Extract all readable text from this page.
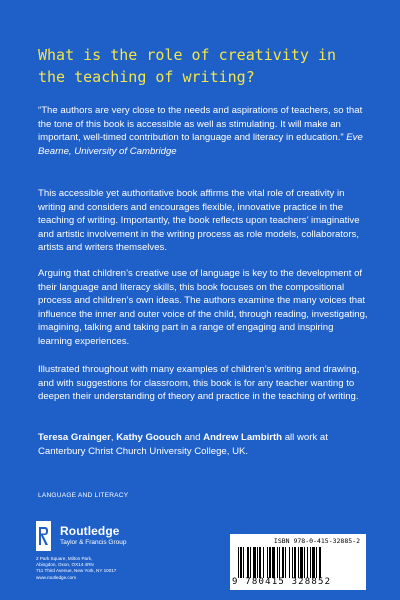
What is the role of creativity in the teaching of writing?

“The authors are very close to the needs and aspirations of teachers, so that the tone of this book is accessible as well as stimulating. It will make an important, well-timed contribution to language and literacy in education.” Eve Bearne, University of Cambridge

This accessible yet authoritative book affirms the vital role of creativity in writing and considers and encourages flexible, innovative practice in the teaching of writing. Importantly, the book reflects upon teachers’ imaginative and artistic involvement in the writing process as role models, collaborators, artists and writers themselves.

Arguing that children’s creative use of language is key to the development of their language and literacy skills, this book focuses on the compositional process and children’s own ideas. The authors examine the many voices that influence the inner and outer voice of the child, through reading, investigating, imagining, talking and taking part in a range of engaging and inspiring learning experiences.

Illustrated throughout with many examples of children’s writing and drawing, and with suggestions for classroom, this book is for any teacher wanting to deepen their understanding of theory and practice in the teaching of writing.

Teresa Grainger, Kathy Goouch and Andrew Lambirth all work at Canterbury Christ Church University College, UK.

LANGUAGE AND LITERACY
Routledge
Taylor & Francis Group
2 Park Square, Milton Park,
Abingdon, Oxon, OX14 4RN
711 Third Avenue, New York, NY 10017
www.routledge.com
ISBN 978-0-415-32885-2
9 780415 328852
